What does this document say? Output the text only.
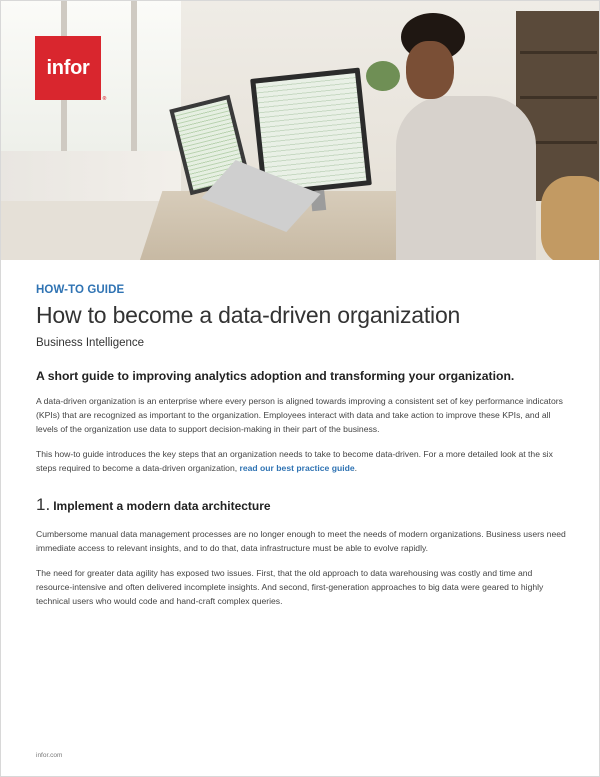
infor
®
HOW-TO GUIDE
How to become a data-driven organization
Business Intelligence
A short guide to improving analytics adoption and transforming your organization.

A data-driven organization is an enterprise where every person is aligned towards improving a consistent set of key performance indicators (KPIs) that are recognized as important to the organization. Employees interact with data and take action to improve these KPIs, and all levels of the organization use data to support decision-making in their part of the business.

This how-to guide introduces the key steps that an organization needs to take to become data-driven. For a more detailed look at the six steps required to become a data-driven organization, read our best practice guide.

1. Implement a modern data architecture

Cumbersome manual data management processes are no longer enough to meet the needs of modern organizations. Business users need immediate access to relevant insights, and to do that, data infrastructure must be able to evolve rapidly.

The need for greater data agility has exposed two issues. First, that the old approach to data warehousing was costly and time and resource-intensive and often delivered incomplete insights. And second, first-generation approaches to big data were geared to highly technical users who would code and hand-craft complex queries.

infor.com
